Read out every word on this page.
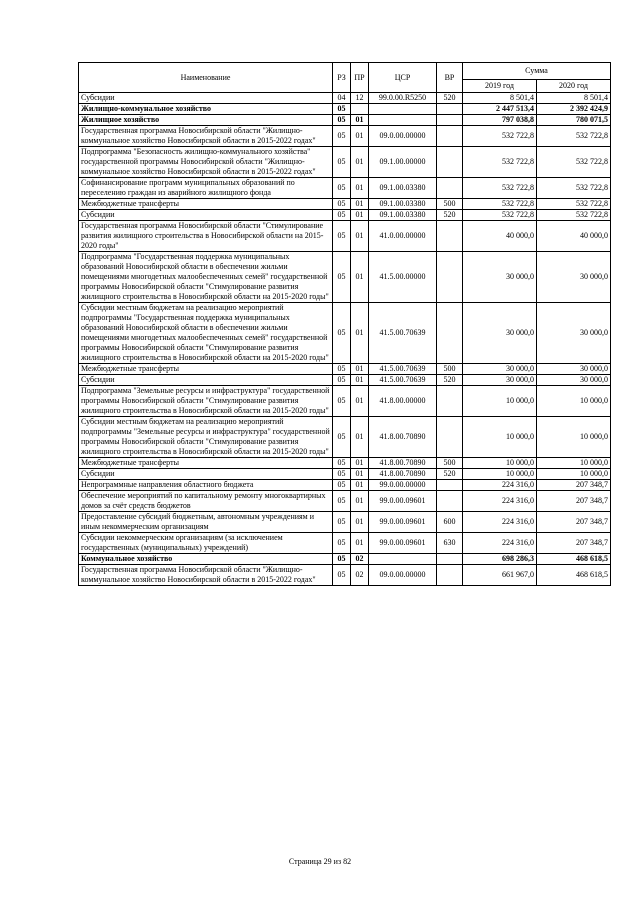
Наименование	РЗ	ПР	ЦСР	ВР	Сумма	
					2019 год	2020 год
Субсидии	04	12	99.0.00.R5250	520	8 501,4	8 501,4
Жилищно-коммунальное хозяйство	05				2 447 513,4	2 392 424,9
Жилищное хозяйство	05	01			797 038,8	780 071,5
Государственная программа Новосибирской области "Жилищно-коммунальное хозяйство Новосибирской области в 2015-2022 годах"	05	01	09.0.00.00000		532 722,8	532 722,8
Подпрограмма "Безопасность жилищно-коммунального хозяйства" государственной программы Новосибирской области "Жилищно-коммунальное хозяйство Новосибирской области в 2015-2022 годах"	05	01	09.1.00.00000		532 722,8	532 722,8
Софинансирование программ муниципальных образований по переселению граждан из аварийного жилищного фонда	05	01	09.1.00.03380		532 722,8	532 722,8
Межбюджетные трансферты	05	01	09.1.00.03380	500	532 722,8	532 722,8
Субсидии	05	01	09.1.00.03380	520	532 722,8	532 722,8
Государственная программа Новосибирской области "Стимулирование развития жилищного строительства в Новосибирской области на 2015-2020 годы"	05	01	41.0.00.00000		40 000,0	40 000,0
Подпрограмма "Государственная поддержка муниципальных образований Новосибирской области в обеспечении жильми помещениями многодетных малообеспеченных семей" государственной программы Новосибирской области "Стимулирование развития жилищного строительства в Новосибирской области на 2015-2020 годы"	05	01	41.5.00.00000		30 000,0	30 000,0
Субсидии местным бюджетам на реализацию мероприятий подпрограммы "Государственная поддержка муниципальных образований Новосибирской области в обеспечении жильми помещениями многодетных малообеспеченных семей" государственной программы Новосибирской области "Стимулирование развития жилищного строительства в Новосибирской области на 2015-2020 годы"	05	01	41.5.00.70639		30 000,0	30 000,0
Межбюджетные трансферты	05	01	41.5.00.70639	500	30 000,0	30 000,0
Субсидии	05	01	41.5.00.70639	520	30 000,0	30 000,0
Подпрограмма "Земельные ресурсы и инфраструктура" государственной программы Новосибирской области "Стимулирование развития жилищного строительства в Новосибирской области на 2015-2020 годы"	05	01	41.8.00.00000		10 000,0	10 000,0
Субсидии местным бюджетам на реализацию мероприятий подпрограммы "Земельные ресурсы и инфраструктура" государственной программы Новосибирской области "Стимулирование развития жилищного строительства в Новосибирской области на 2015-2020 годы"	05	01	41.8.00.70890		10 000,0	10 000,0
Межбюджетные трансферты	05	01	41.8.00.70890	500	10 000,0	10 000,0
Субсидии	05	01	41.8.00.70890	520	10 000,0	10 000,0
Непрограммные направления областного бюджета	05	01	99.0.00.00000		224 316,0	207 348,7
Обеспечение мероприятий по капитальному ремонту многоквартирных домов за счёт средств бюджетов	05	01	99.0.00.09601		224 316,0	207 348,7
Предоставление субсидий бюджетным, автономным учреждениям и иным некоммерческим организациям	05	01	99.0.00.09601	600	224 316,0	207 348,7
Субсидии некоммерческим организациям (за исключением государственных (муниципальных) учреждений)	05	01	99.0.00.09601	630	224 316,0	207 348,7
Коммунальное хозяйство	05	02			698 286,3	468 618,5
Государственная программа Новосибирской области "Жилищно-коммунальное хозяйство Новосибирской области в 2015-2022 годах"	05	02	09.0.00.00000		661 967,0	468 618,5
Страница 29 из 82
